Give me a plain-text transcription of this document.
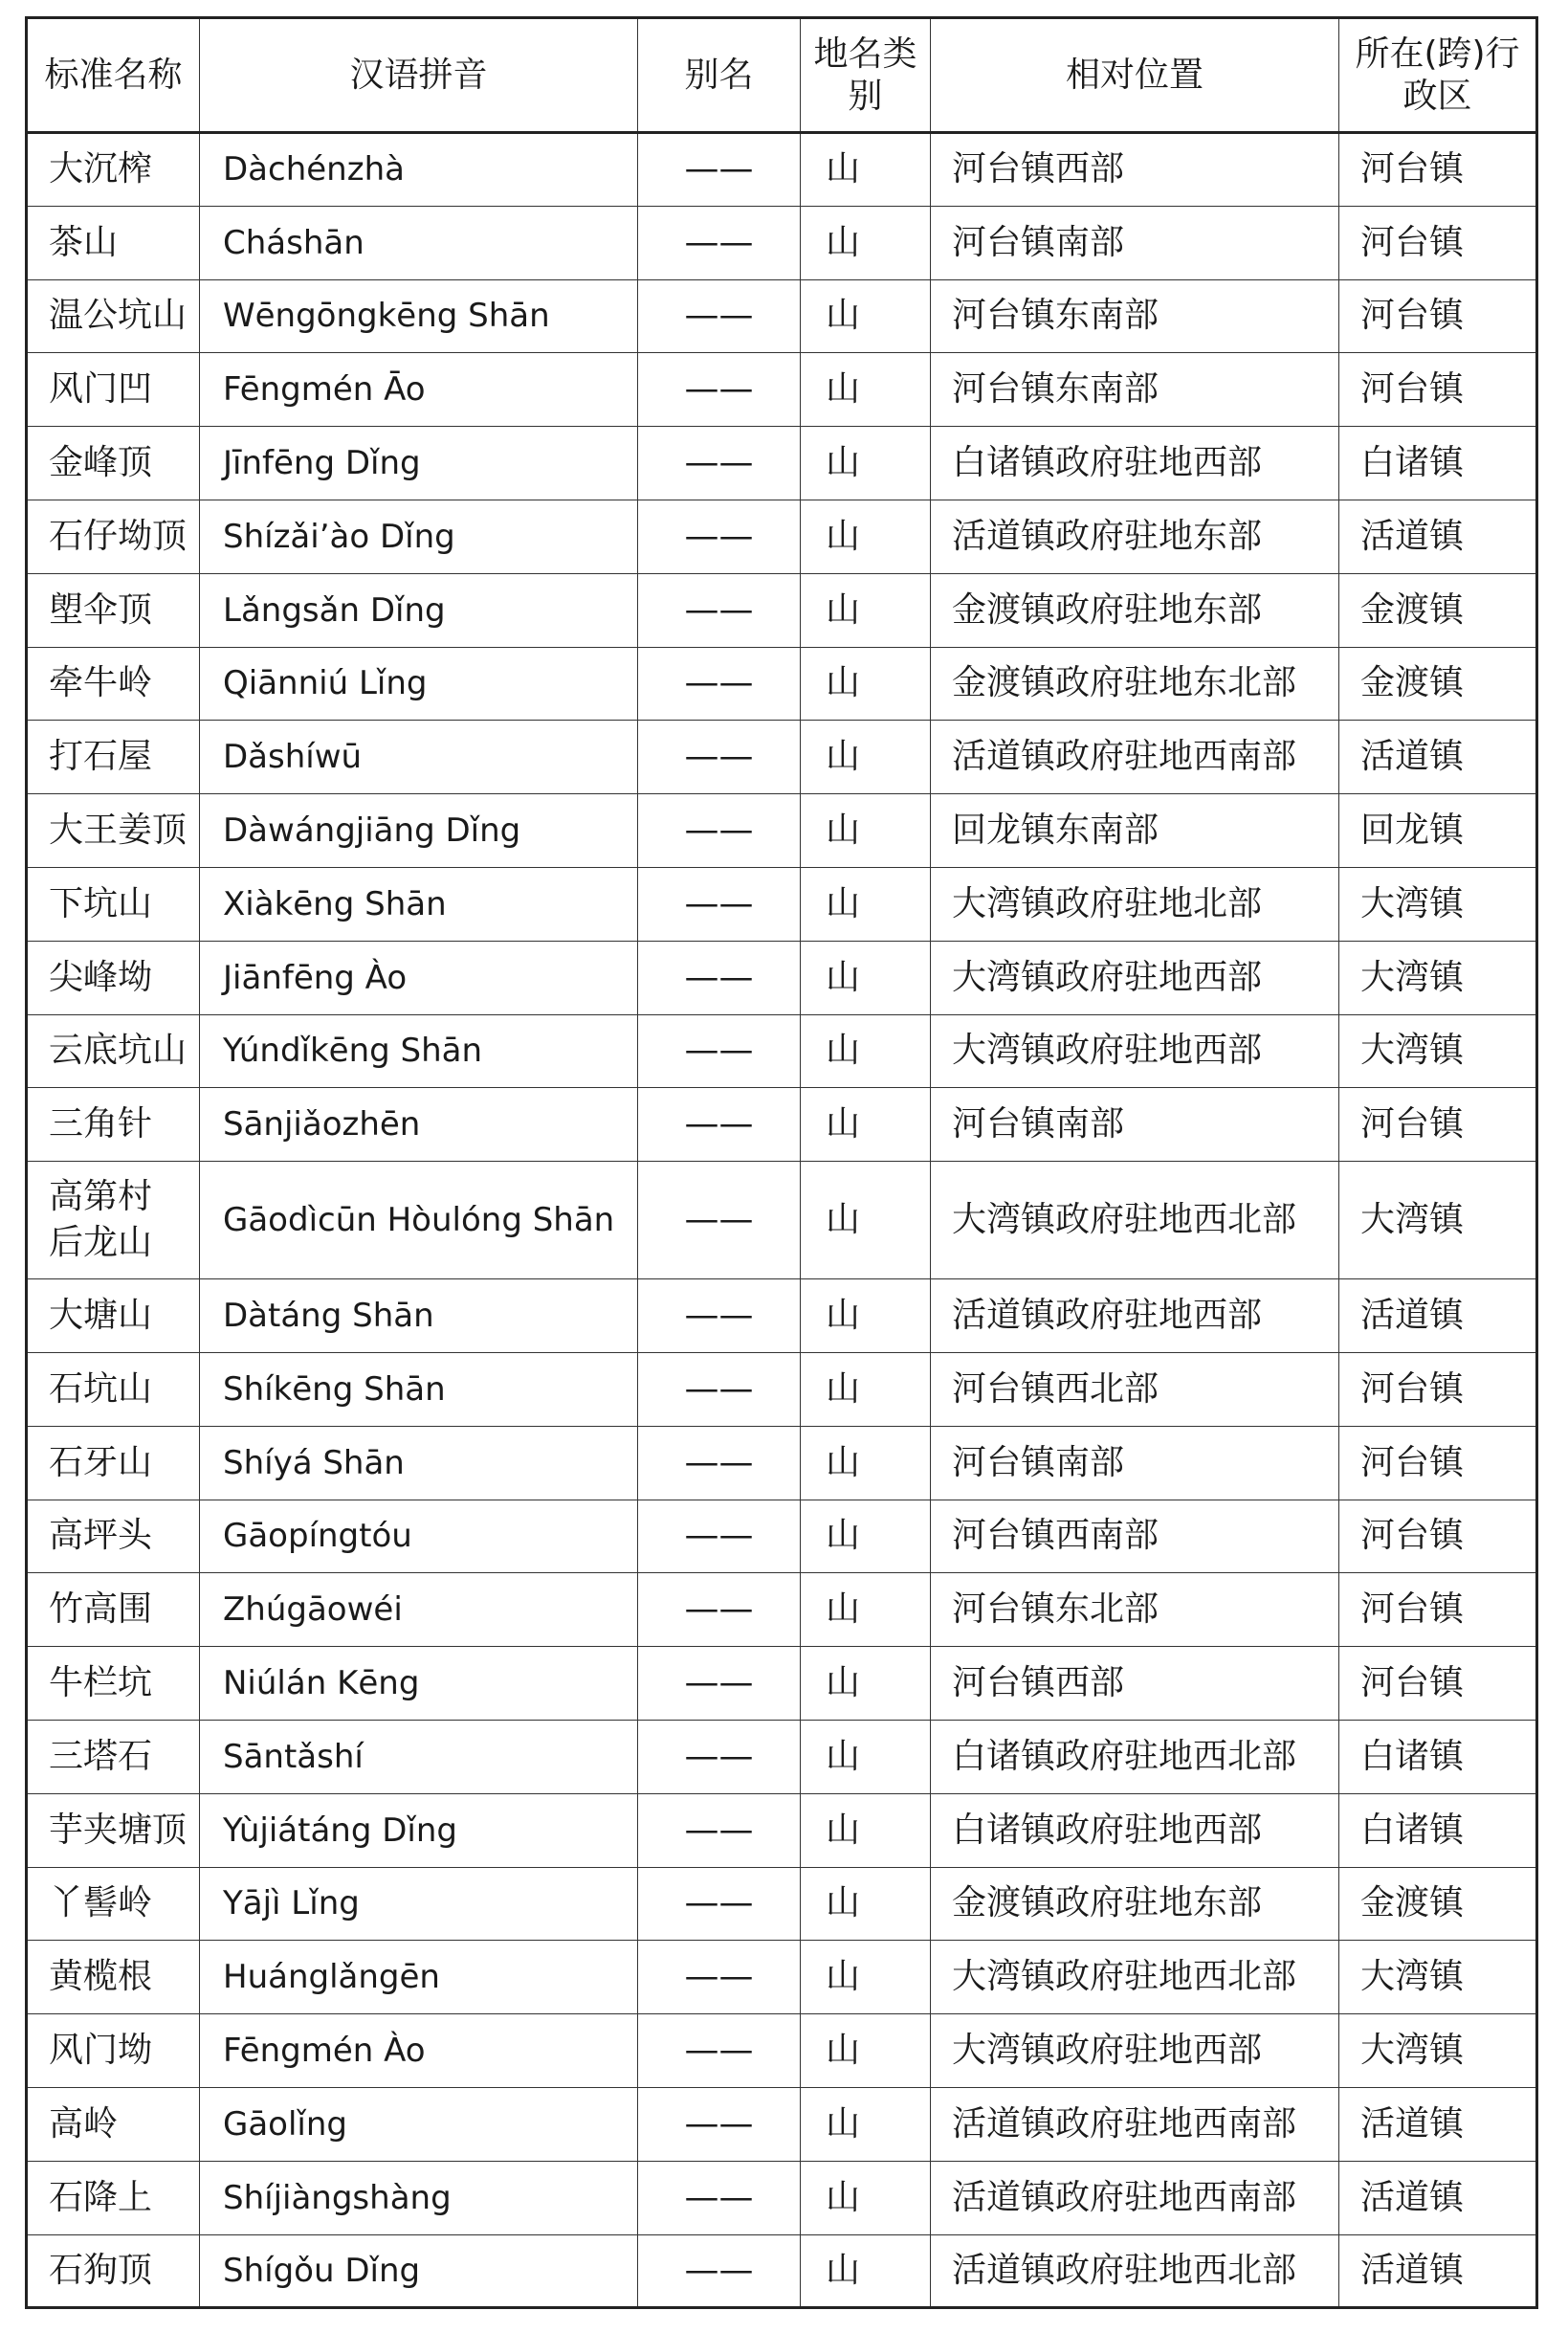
标准名称	汉语拼音	别名	地名类别	相对位置	所在(跨)行政区
大沉榨	Dàchénzhà	——	山	河台镇西部	河台镇
茶山	Cháshān	——	山	河台镇南部	河台镇
温公坑山	Wēngōngkēng Shān	——	山	河台镇东南部	河台镇
风门凹	Fēngmén Āo	——	山	河台镇东南部	河台镇
金峰顶	Jīnfēng Dǐng	——	山	白诸镇政府驻地西部	白诸镇
石仔坳顶	Shízǎi’ào Dǐng	——	山	活道镇政府驻地东部	活道镇
塱伞顶	Lǎngsǎn Dǐng	——	山	金渡镇政府驻地东部	金渡镇
牵牛岭	Qiānniú Lǐng	——	山	金渡镇政府驻地东北部	金渡镇
打石屋	Dǎshíwū	——	山	活道镇政府驻地西南部	活道镇
大王姜顶	Dàwángjiāng Dǐng	——	山	回龙镇东南部	回龙镇
下坑山	Xiàkēng Shān	——	山	大湾镇政府驻地北部	大湾镇
尖峰坳	Jiānfēng Ào	——	山	大湾镇政府驻地西部	大湾镇
云底坑山	Yúndǐkēng Shān	——	山	大湾镇政府驻地西部	大湾镇
三角针	Sānjiǎozhēn	——	山	河台镇南部	河台镇
高第村后龙山	Gāodìcūn Hòulóng Shān	——	山	大湾镇政府驻地西北部	大湾镇
大塘山	Dàtáng Shān	——	山	活道镇政府驻地西部	活道镇
石坑山	Shíkēng Shān	——	山	河台镇西北部	河台镇
石牙山	Shíyá Shān	——	山	河台镇南部	河台镇
高坪头	Gāopíngtóu	——	山	河台镇西南部	河台镇
竹高围	Zhúgāowéi	——	山	河台镇东北部	河台镇
牛栏坑	Niúlán Kēng	——	山	河台镇西部	河台镇
三塔石	Sāntǎshí	——	山	白诸镇政府驻地西北部	白诸镇
芋夹塘顶	Yùjiátáng Dǐng	——	山	白诸镇政府驻地西部	白诸镇
丫髻岭	Yājì Lǐng	——	山	金渡镇政府驻地东部	金渡镇
黄榄根	Huánglǎngēn	——	山	大湾镇政府驻地西北部	大湾镇
风门坳	Fēngmén Ào	——	山	大湾镇政府驻地西部	大湾镇
高岭	Gāolǐng	——	山	活道镇政府驻地西南部	活道镇
石降上	Shíjiàngshàng	——	山	活道镇政府驻地西南部	活道镇
石狗顶	Shígǒu Dǐng	——	山	活道镇政府驻地西北部	活道镇
